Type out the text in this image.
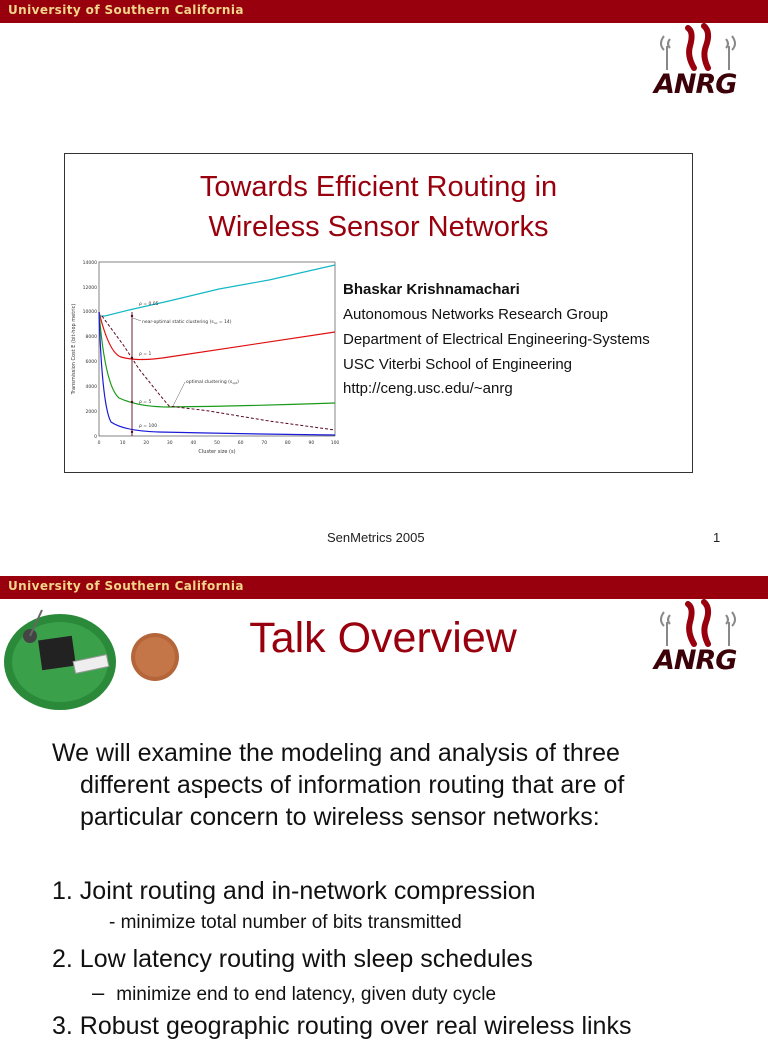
University of Southern California
ANRG
Towards Efficient Routing in
Wireless Sensor Networks
0
2000
4000
6000
8000
10000
12000
14000
0	10	20	30	40	50	60	70	80	90	100
Cluster size (s)
Transmission Cost E (bit-hop metric)	ρ = 0.05
ρ = 1
ρ = 5
ρ = 100
near-optimal static clustering $(s_{no} = 14)$
optimal clustering $(s_{opt})$
Bhaskar Krishnamachari
Autonomous Networks Research Group
Department of Electrical Engineering-Systems
USC Viterbi School of Engineering
http://ceng.usc.edu/~anrg
SenMetrics 2005	1
University of Southern California
Talk Overview	ANRG
We will examine the modeling and analysis of three
different aspects of information routing that are of
particular concern to wireless sensor networks:
1. Joint routing and in-network compression
- minimize total number of bits transmitted
2. Low latency routing with sleep schedules
– minimize end to end latency, given duty cycle
3. Robust geographic routing over real wireless links
